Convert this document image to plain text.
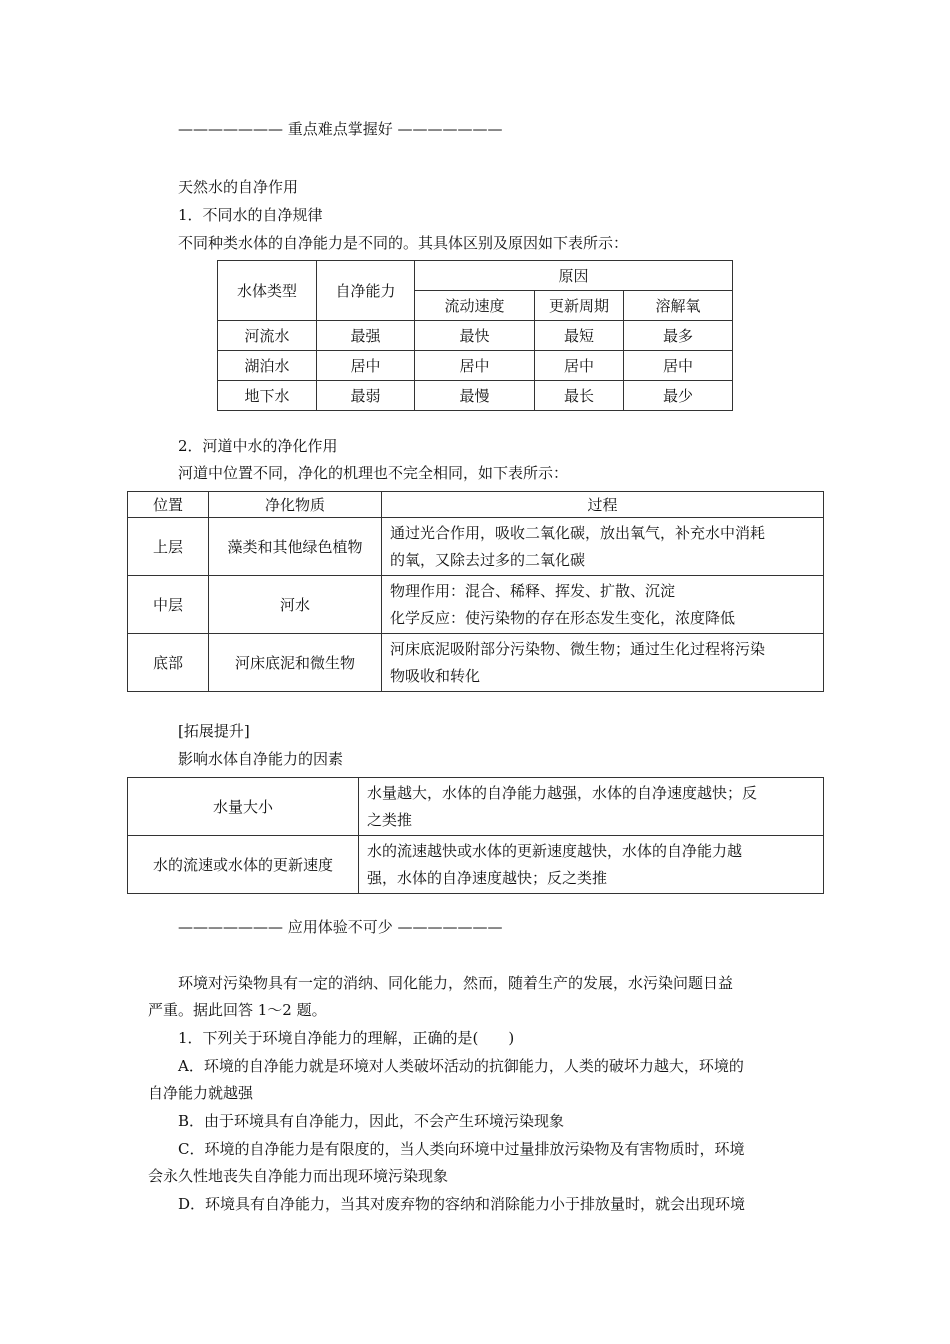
——————— 重点难点掌握好 ———————
天然水的自净作用
1．不同水的自净规律
不同种类水体的自净能力是不同的。其具体区别及原因如下表所示：
水体类型	自净能力	原因		
		流动速度	更新周期	溶解氧
河流水	最强	最快	最短	最多
湖泊水	居中	居中	居中	居中
地下水	最弱	最慢	最长	最少
2．河道中水的净化作用
河道中位置不同，净化的机理也不完全相同，如下表所示：
位置	净化物质	过程
上层	藻类和其他绿色植物	通过光合作用，吸收二氧化碳，放出氧气，补充水中消耗
的氧，又除去过多的二氧化碳

中层	河水	物理作用：混合、稀释、挥发、扩散、沉淀
化学反应：使污染物的存在形态发生变化，浓度降低

底部	河床底泥和微生物	河床底泥吸附部分污染物、微生物；通过生化过程将污染
物吸收和转化
[拓展提升]
影响水体自净能力的因素
水量大小	水量越大，水体的自净能力越强，水体的自净速度越快；反
之类推

水的流速或水体的更新速度	水的流速越快或水体的更新速度越快，水体的自净能力越
强，水体的自净速度越快；反之类推
——————— 应用体验不可少 ———————
环境对污染物具有一定的消纳、同化能力，然而，随着生产的发展，水污染问题日益
严重。据此回答 1～2 题。
1．下列关于环境自净能力的理解，正确的是(　　)
A．环境的自净能力就是环境对人类破坏活动的抗御能力，人类的破坏力越大，环境的
自净能力就越强
B．由于环境具有自净能力，因此，不会产生环境污染现象
C．环境的自净能力是有限度的，当人类向环境中过量排放污染物及有害物质时，环境
会永久性地丧失自净能力而出现环境污染现象
D．环境具有自净能力，当其对废弃物的容纳和消除能力小于排放量时，就会出现环境
